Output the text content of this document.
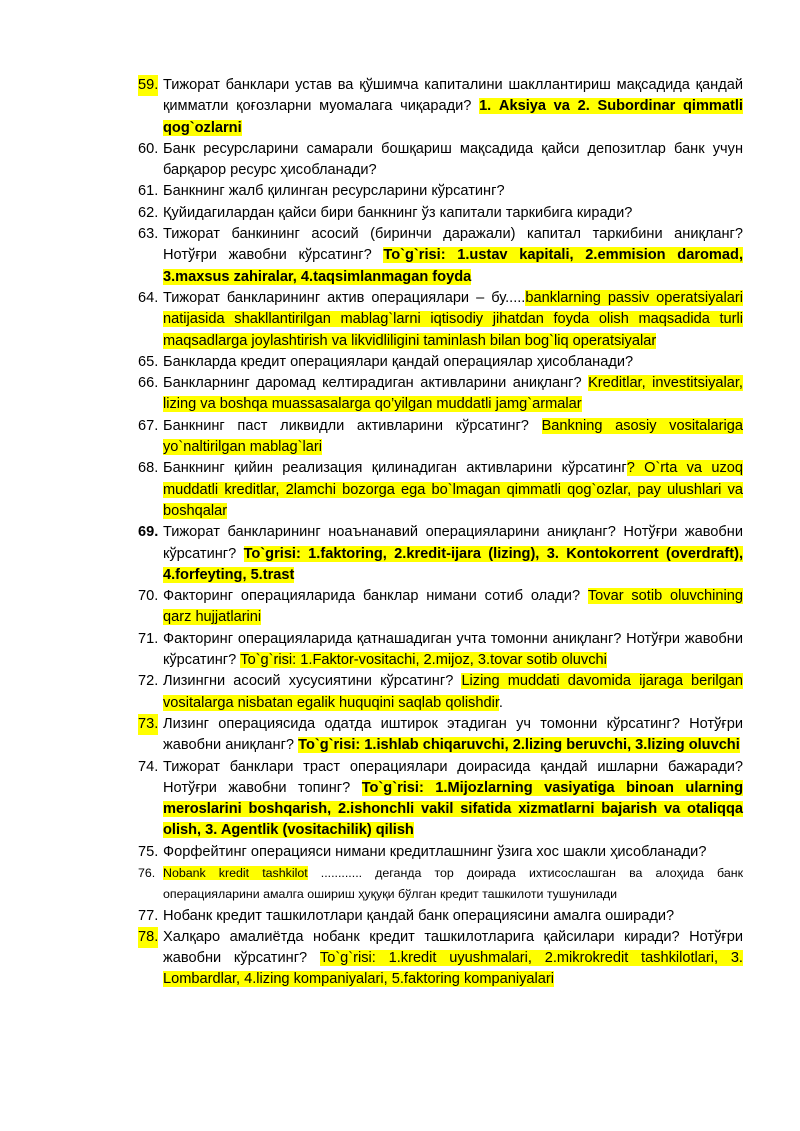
59. Тижорат банклари устав ва қўшимча капиталини шакллантириш мақсадида қандай қимматли қоғозларни муомалага чиқаради? 1. Aksiya va 2. Subordinar qimmatli qog`ozlarni
60. Банк ресурсларини самарали бошқариш мақсадида қайси депозитлар банк учун барқарор ресурс ҳисобланади?
61. Банкнинг жалб қилинган ресурсларини кўрсатинг?
62. Қуйидагилардан қайси бири банкнинг ўз капитали таркибига киради?
63. Тижорат банкининг асосий (биринчи даражали) капитал таркибини аниқланг? Нотўғри жавобни кўрсатинг? To`g`risi: 1.ustav kapitali, 2.emmision daromad, 3.maxsus zahiralar, 4.taqsimlanmagan foyda
64. Тижорат банкларининг актив операциялари – бу.....banklarning passiv operatsiyalari natijasida shakllantirilgan mablag`larni iqtisodiy jihatdan foyda olish maqsadida turli maqsadlarga joylashtirish va likvidliligini taminlash bilan bog`liq operatsiyalar
65. Банкларда кредит операциялари қандай операциялар ҳисобланади?
66. Банкларнинг даромад келтирадиган активларини аниқланг? Kreditlar, investitsiyalar, lizing va boshqa muassasalarga qo’yilgan muddatli jamg`armalar
67. Банкнинг паст ликвидли активларини кўрсатинг? Bankning asosiy vositalariga yo`naltirilgan mablag`lari
68. Банкнинг қийин реализация қилинадиган активларини кўрсатинг? O`rta va uzoq muddatli kreditlar, 2lamchi bozorga ega bo`lmagan qimmatli qog`ozlar, pay ulushlari va boshqalar
69. Тижорат банкларининг ноаънанавий операцияларини аниқланг? Нотўғри жавобни кўрсатинг? To`grisi: 1.faktoring, 2.kredit-ijara (lizing), 3. Kontokorrent (overdraft), 4.forfeyting, 5.trast
70. Факторинг операцияларида банклар нимани сотиб олади? Tovar sotib oluvchining qarz hujjatlarini
71. Факторинг операцияларида қатнашадиган учта томонни аниқланг? Нотўғри жавобни кўрсатинг? To`g`risi: 1.Faktor-vositachi, 2.mijoz, 3.tovar sotib oluvchi
72. Лизингни асосий хусусиятини кўрсатинг? Lizing muddati davomida ijaraga berilgan vositalarga nisbatan egalik huquqini saqlab qolishdir.
73. Лизинг операциясида одатда иштирок этадиган уч томонни кўрсатинг? Нотўғри жавобни аниқланг? To`g`risi: 1.ishlab chiqaruvchi, 2.lizing beruvchi, 3.lizing oluvchi
74. Тижорат банклари траст операциялари доирасида қандай ишларни бажаради? Нотўғри жавобни топинг? To`g`risi: 1.Mijozlarning vasiyatiga binoan ularning meroslarini boshqarish, 2.ishonchli vakil sifatida xizmatlarni bajarish va otaliqqa olish, 3. Agentlik (vositachilik) qilish
75. Форфейтинг операцияси нимани кредитлашнинг ўзига хос шакли ҳисобланади?
76. Nobank kredit tashkilot ............ деганда тор доирада ихтисослашган ва алоҳида банк операцияларини амалга ошириш ҳуқуқи бўлган кредит ташкилоти тушунилади
77. Нобанк кредит ташкилотлари қандай банк операциясини амалга оширади?
78. Халқаро амалиётда нобанк кредит ташкилотларига қайсилари киради? Нотўғри жавобни кўрсатинг? To`g`risi: 1.kredit uyushmalari, 2.mikrokredit tashkilotlari, 3. Lombardlar, 4.lizing kompaniyalari, 5.faktoring kompaniyalari
